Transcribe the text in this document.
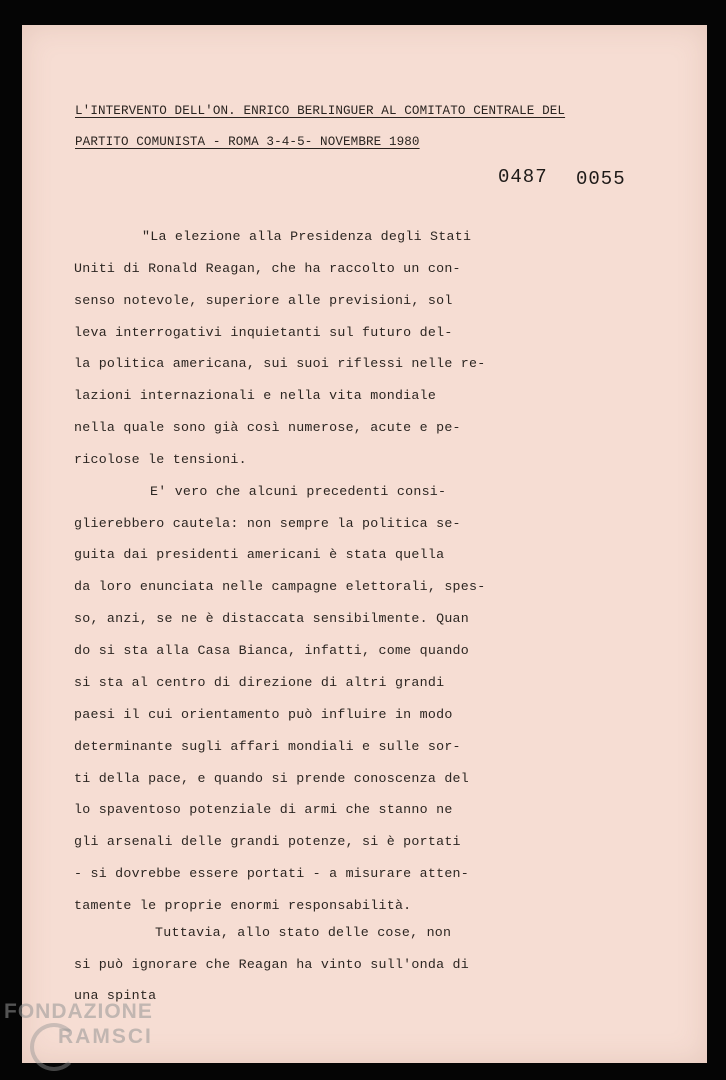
L'INTERVENTO DELL'ON. ENRICO BERLINGUER AL COMITATO CENTRALE DEL
PARTITO COMUNISTA - ROMA 3-4-5- NOVEMBRE 1980
0487 0055
"La elezione alla Presidenza degli Stati
Uniti di Ronald Reagan, che ha raccolto un con-
senso notevole, superiore alle previsioni, sol
leva interrogativi inquietanti sul futuro del-
la politica americana, sui suoi riflessi nelle re-
lazioni internazionali e nella vita mondiale
nella quale sono già così numerose, acute e pe-
ricolose le tensioni.
E' vero che alcuni precedenti consi-
glierebbero cautela: non sempre la politica se-
guita dai presidenti americani è stata quella
da loro enunciata nelle campagne elettorali, spes-
so, anzi, se ne è distaccata sensibilmente. Quan
do si sta alla Casa Bianca, infatti, come quando
si sta al centro di direzione di altri grandi
paesi il cui orientamento può influire in modo
determinante sugli affari mondiali e sulle sor-
ti della pace, e quando si prende conoscenza del
lo spaventoso potenziale di armi che stanno ne
gli arsenali delle grandi potenze, si è portati
- si dovrebbe essere portati - a misurare atten-
tamente le proprie enormi responsabilità.
Tuttavia, allo stato delle cose, non
si può ignorare che Reagan ha vinto sull'onda di
una spinta
FONDAZIONE
RAMSCI
